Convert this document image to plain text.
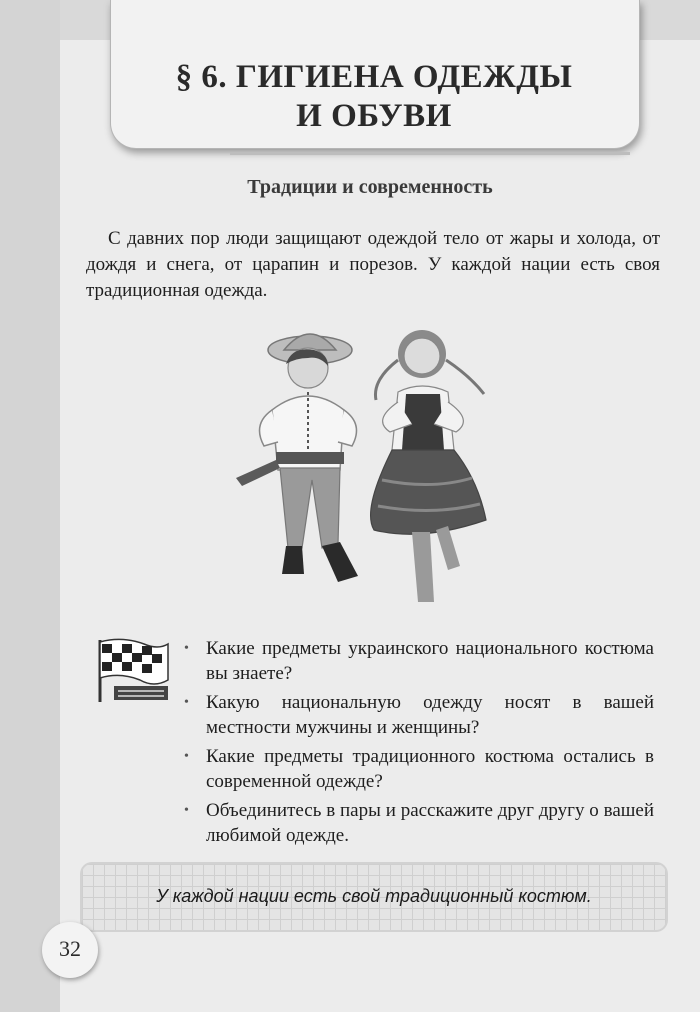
§ 6. ГИГИЕНА ОДЕЖДЫ
И ОБУВИ
Традиции и современность

С давних пор люди защищают одеждой тело от жары и холода, от дождя и снега, от царапин и порезов. У каждой нации есть своя традиционная одежда.

• Какие предметы украинского национального костюма вы знаете?
• Какую национальную одежду носят в вашей местности мужчины и женщины?
• Какие предметы традиционного костюма остались в современной одежде?
• Объединитесь в пары и расскажите друг другу о вашей любимой одежде.

У каждой нации есть свой традиционный костюм.

32
